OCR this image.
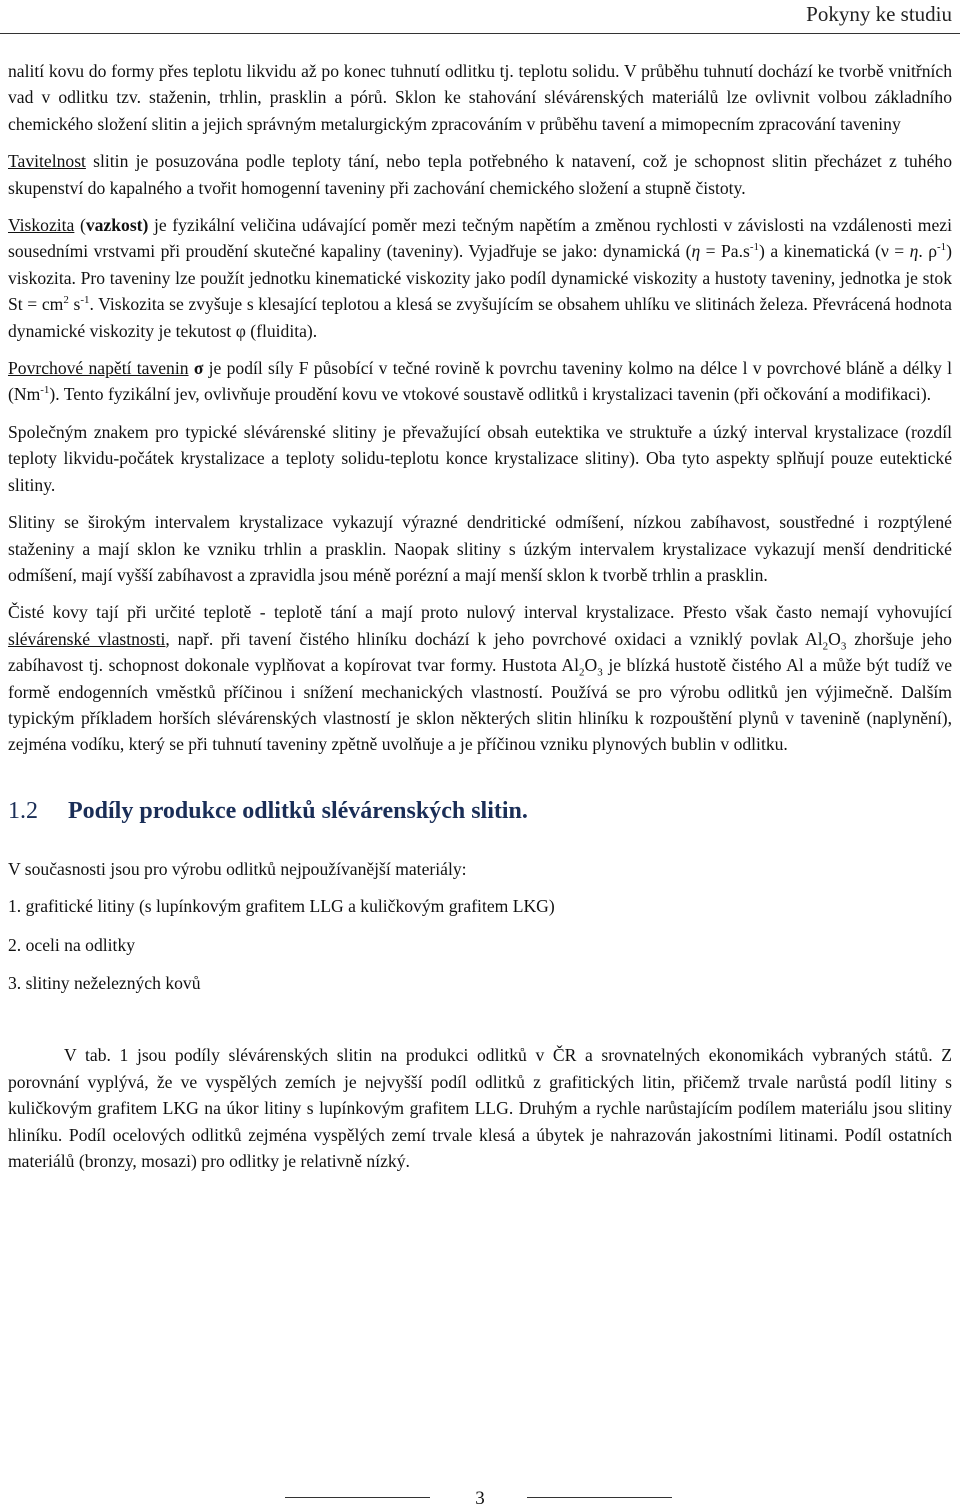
Pokyny ke studiu

nalití kovu do formy přes teplotu likvidu až po konec tuhnutí odlitku tj. teplotu solidu. V průběhu tuhnutí dochází ke tvorbě vnitřních vad v odlitku tzv. staženin, trhlin, prasklin a pórů. Sklon ke stahování slévárenských materiálů lze ovlivnit volbou základního chemického složení slitin a jejich správným metalurgickým zpracováním v průběhu tavení a mimopecním zpracování taveniny

Tavitelnost slitin je posuzována podle teploty tání, nebo tepla potřebného k natavení, což je schopnost slitin přecházet z tuhého skupenství do kapalného a tvořit homogenní taveniny při zachování chemického složení a stupně čistoty.

Viskozita (vazkost) je fyzikální veličina udávající poměr mezi tečným napětím a změnou rychlosti v závislosti na vzdálenosti mezi sousedními vrstvami při proudění skutečné kapaliny (taveniny). Vyjadřuje se jako: dynamická $(\eta = Pa.s^{-1})$ a kinematická (ν = η. $\rho^{-1}$) viskozita. Pro taveniny lze použít jednotku kinematické viskozity jako podíl dynamické viskozity a hustoty taveniny, jednotka je stok $St = cm^2$ $s^{-1}$. Viskozita se zvyšuje s klesající teplotou a klesá se zvyšujícím se obsahem uhlíku ve slitinách železa. Převrácená hodnota dynamické viskozity je tekutost φ (fluidita).

Povrchové napětí tavenin σ je podíl síly F působící v tečné rovině k povrchu taveniny kolmo na délce l v povrchové bláně a délky l $(Nm^{-1})$. Tento fyzikální jev, ovlivňuje proudění kovu ve vtokové soustavě odlitků i krystalizaci tavenin (při očkování a modifikaci).

Společným znakem pro typické slévárenské slitiny je převažující obsah eutektika ve struktuře a úzký interval krystalizace (rozdíl teploty likvidu-počátek krystalizace a teploty solidu-teplotu konce krystalizace slitiny). Oba tyto aspekty splňují pouze eutektické slitiny.

Slitiny se širokým intervalem krystalizace vykazují výrazné dendritické odmíšení, nízkou zabíhavost, soustředné i rozptýlené staženiny a mají sklon ke vzniku trhlin a prasklin. Naopak slitiny s úzkým intervalem krystalizace vykazují menší dendritické odmíšení, mají vyšší zabíhavost a zpravidla jsou méně porézní a mají menší sklon k tvorbě trhlin a prasklin.

Čisté kovy tají při určité teplotě - teplotě tání a mají proto nulový interval krystalizace. Přesto však často nemají vyhovující slévárenské vlastnosti, např. při tavení čistého hliníku dochází k jeho povrchové oxidaci a vzniklý povlak $Al_2O_3$ zhoršuje jeho zabíhavost tj. schopnost dokonale vyplňovat a kopírovat tvar formy. Hustota $Al_2O_3$ je blízká hustotě čistého Al a může být tudíž ve formě endogenních vměstků příčinou i snížení mechanických vlastností. Používá se pro výrobu odlitků jen výjimečně. Dalším typickým příkladem horších slévárenských vlastností je sklon některých slitin hliníku k rozpouštění plynů v tavenině (naplynění), zejména vodíku, který se při tuhnutí taveniny zpětně uvolňuje a je příčinou vzniku plynových bublin v odlitku.

1.2 Podíly produkce odlitků slévárenských slitin.

V současnosti jsou pro výrobu odlitků nejpoužívanější materiály:

1. grafitické litiny (s lupínkovým grafitem LLG a kuličkovým grafitem LKG)
2. oceli na odlitky
3. slitiny neželezných kovů

V tab. 1 jsou podíly slévárenských slitin na produkci odlitků v ČR a srovnatelných ekonomikách vybraných států. Z porovnání vyplývá, že ve vyspělých zemích je nejvyšší podíl odlitků z grafitických litin, přičemž trvale narůstá podíl litiny s kuličkovým grafitem LKG na úkor litiny s lupínkovým grafitem LLG. Druhým a rychle narůstajícím podílem materiálu jsou slitiny hliníku. Podíl ocelových odlitků zejména vyspělých zemí trvale klesá a úbytek je nahrazován jakostními litinami. Podíl ostatních materiálů (bronzy, mosazi) pro odlitky je relativně nízký.

3
